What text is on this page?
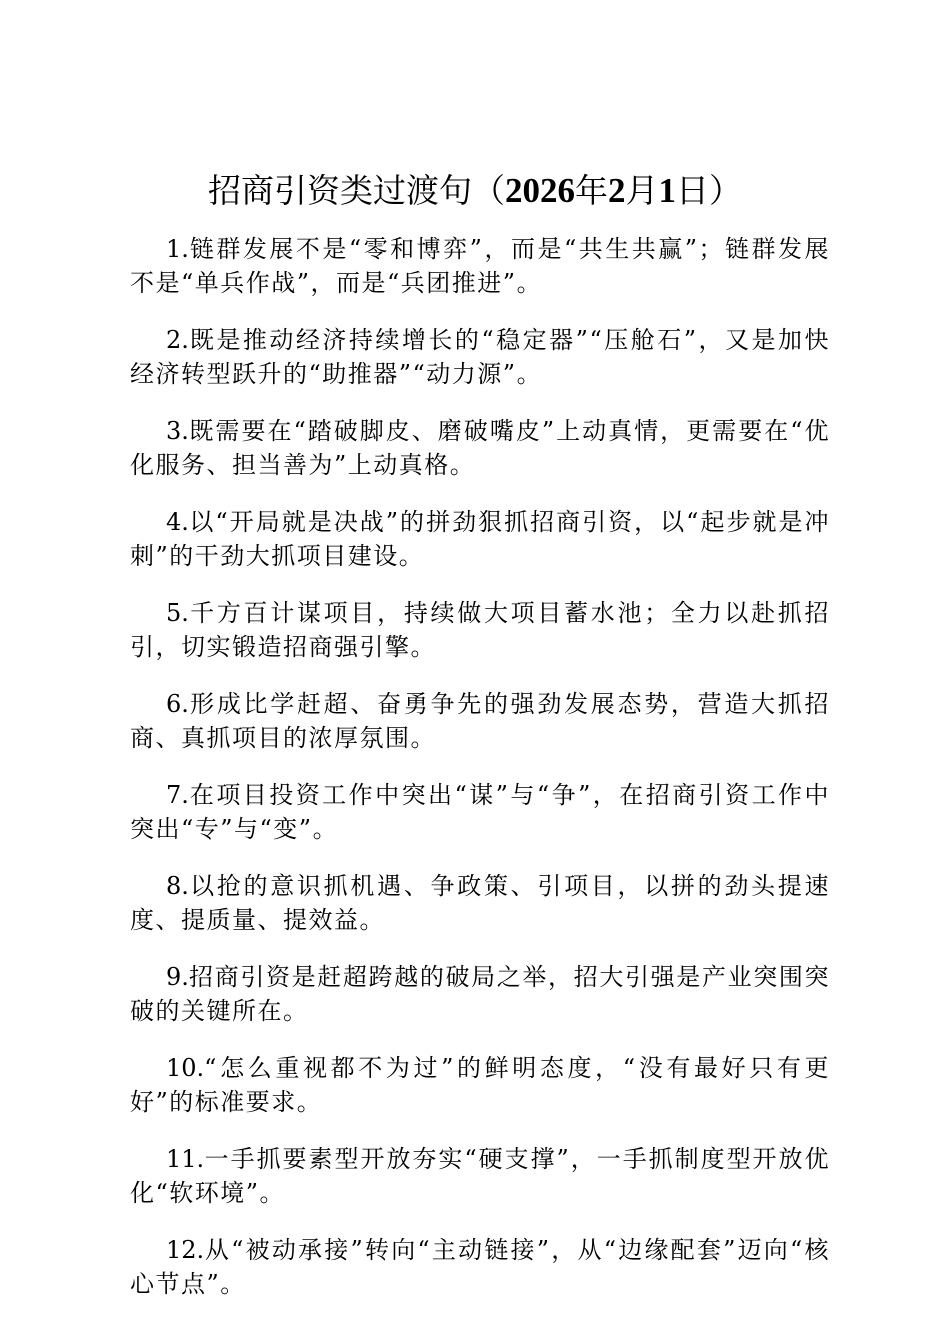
招商引资类过渡句（2026年2月1日）

1.链群发展不是“零和博弈”，而是“共生共赢”；链群发展不是“单兵作战”，而是“兵团推进”。

2.既是推动经济持续增长的“稳定器”“压舱石”，又是加快经济转型跃升的“助推器”“动力源”。

3.既需要在“踏破脚皮、磨破嘴皮”上动真情，更需要在“优化服务、担当善为”上动真格。

4.以“开局就是决战”的拼劲狠抓招商引资，以“起步就是冲刺”的干劲大抓项目建设。

5.千方百计谋项目，持续做大项目蓄水池；全力以赴抓招引，切实锻造招商强引擎。

6.形成比学赶超、奋勇争先的强劲发展态势，营造大抓招商、真抓项目的浓厚氛围。

7.在项目投资工作中突出“谋”与“争”，在招商引资工作中突出“专”与“变”。

8.以抢的意识抓机遇、争政策、引项目，以拼的劲头提速度、提质量、提效益。

9.招商引资是赶超跨越的破局之举，招大引强是产业突围突破的关键所在。

10.“怎么重视都不为过”的鲜明态度，“没有最好只有更好”的标准要求。

11.一手抓要素型开放夯实“硬支撑”，一手抓制度型开放优化“软环境”。

12.从“被动承接”转向“主动链接”，从“边缘配套”迈向“核心节点”。
